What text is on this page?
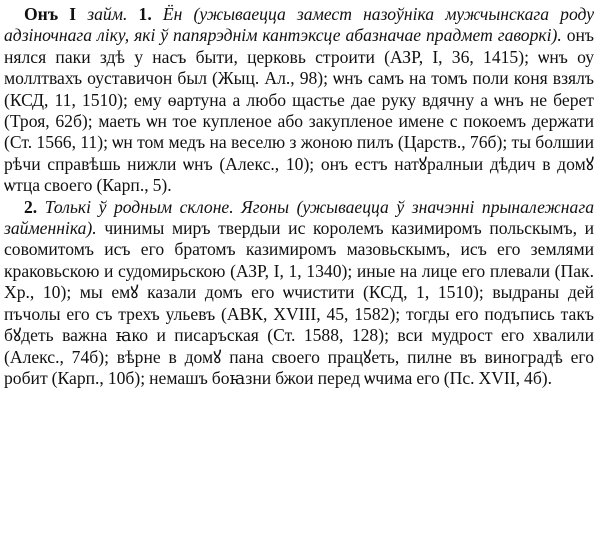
Онъ I займ. 1. Ён (ужываецца замест назоўніка мужчынскага роду адзіночнага ліку, які ў папярэднім кантэксце абазначае прадмет гаворкі). онъ нялся паки здѣ у насъ быти, церковь строити (АЗР, І, 36, 1415); ѡнъ оу моллтвахъ оуставичон был (Жыц. Ал., 98); ѡнъ самъ на томъ поли коня взялъ (КСД, 11, 1510); ему ѳартуна а любо щастье дае руку вдячну а ѡнъ не берет (Троя, 62б); маеть ѡн тое купленое або закупленое имене с покоемъ держати (Ст. 1566, 11); ѡн том медъ на веселю з жоною пилъ (Царств., 76б); ты болшии рѣчи справѣшь нижли ѡнъ (Алекс., 10); онъ естъ натꙋралныи дѣдич в домꙋ ѡтца своего (Карп., 5).

2. Толькі ў родным склоне. Ягоны (ужываецца ў значэнні прыналежнага займенніка). чинимы миръ твердыи ис королемъ казимиромъ польскымъ, и совомитомъ исъ его братомъ казимиромъ мазовьскымъ, исъ его землями краковьскою и судомирьскою (АЗР, І, 1, 1340); иные на лице его плевали (Пак. Хр., 10); мы емꙋ казали домъ его ѡчистити (КСД, 1, 1510); выдраны дей пъчолы его съ трехъ ульевъ (АВК, XVIII, 45, 1582); тогды его подъпись такъ бꙋдеть важна ꙗко и писаръская (Ст. 1588, 128); вси мудрост его хвалили (Алекс., 74б); вѣрне в домꙋ пана своего працꙋеть, пилне въ виноградѣ его робит (Карп., 10б); немашъ боꙗзни бжои перед ѡчима его (Пс. XVII, 4б).
